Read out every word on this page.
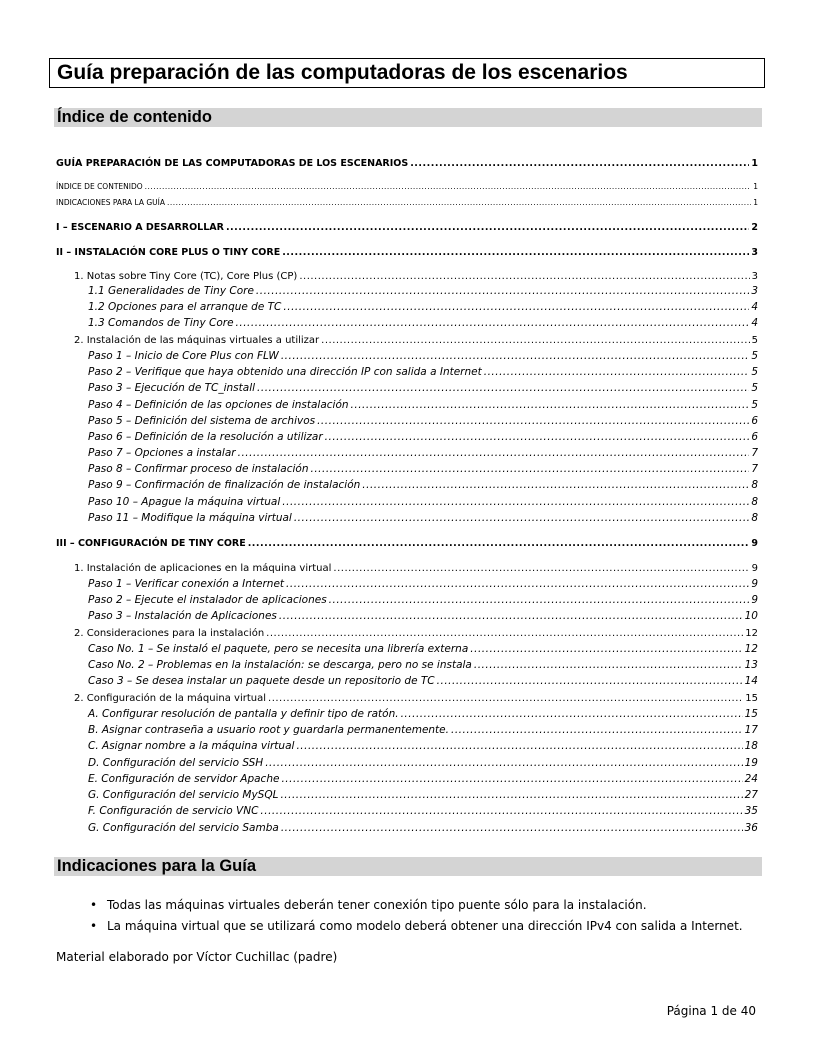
Guía preparación de las computadoras de los escenarios
Índice de contenido
GUÍA PREPARACIÓN DE LAS COMPUTADORAS DE LOS ESCENARIOS .....	1
ÍNDICE DE CONTENIDO .....	1
INDICACIONES PARA LA GUÍA .....	1
I – ESCENARIO A DESARROLLAR .....	2
II – INSTALACIÓN CORE PLUS O TINY CORE .....	3
1. Notas sobre Tiny Core (TC), Core Plus (CP) .....	3
1.1 Generalidades de Tiny Core .....	3
1.2 Opciones para el arranque de TC .....	4
1.3 Comandos de Tiny Core .....	4
2. Instalación de las máquinas virtuales a utilizar .....	5
Paso 1 – Inicio de Core Plus con FLW .....	5
Paso 2 – Verifique que haya obtenido una dirección IP con salida a Internet .....	5
Paso 3 – Ejecución de TC_install .....	5
Paso 4 – Definición de las opciones de instalación .....	5
Paso 5 – Definición del sistema de archivos .....	6
Paso 6 – Definición de la resolución a utilizar .....	6
Paso 7 – Opciones a instalar .....	7
Paso 8 – Confirmar proceso de instalación .....	7
Paso 9 – Confirmación de finalización de instalación .....	8
Paso 10 – Apague la máquina virtual .....	8
Paso 11 – Modifique la máquina virtual .....	8
III – CONFIGURACIÓN DE TINY CORE .....	9
1. Instalación de aplicaciones en la máquina virtual .....	9
Paso 1 – Verificar conexión a Internet .....	9
Paso 2 – Ejecute el instalador de aplicaciones .....	9
Paso 3 – Instalación de Aplicaciones .....	10
2. Consideraciones para la instalación .....	12
Caso No. 1 – Se instaló el paquete, pero se necesita una librería externa .....	12
Caso No. 2 – Problemas en la instalación: se descarga, pero no se instala .....	13
Caso 3 – Se desea instalar un paquete desde un repositorio de TC .....	14
2. Configuración de la máquina virtual .....	15
A. Configurar resolución de pantalla y definir tipo de ratón. .....	15
B. Asignar contraseña a usuario root y guardarla permanentemente. .....	17
C. Asignar nombre a la máquina virtual .....	18
D. Configuración del servicio SSH .....	19
E. Configuración de servidor Apache .....	24
G. Configuración del servicio MySQL .....	27
F. Configuración de servicio VNC .....	35
G. Configuración del servicio Samba .....	36
Indicaciones para la Guía
• Todas las máquinas virtuales deberán tener conexión tipo puente sólo para la instalación.
• La máquina virtual que se utilizará como modelo deberá obtener una dirección IPv4 con salida a Internet.
Material elaborado por Víctor Cuchillac (padre)
Página 1 de 40
